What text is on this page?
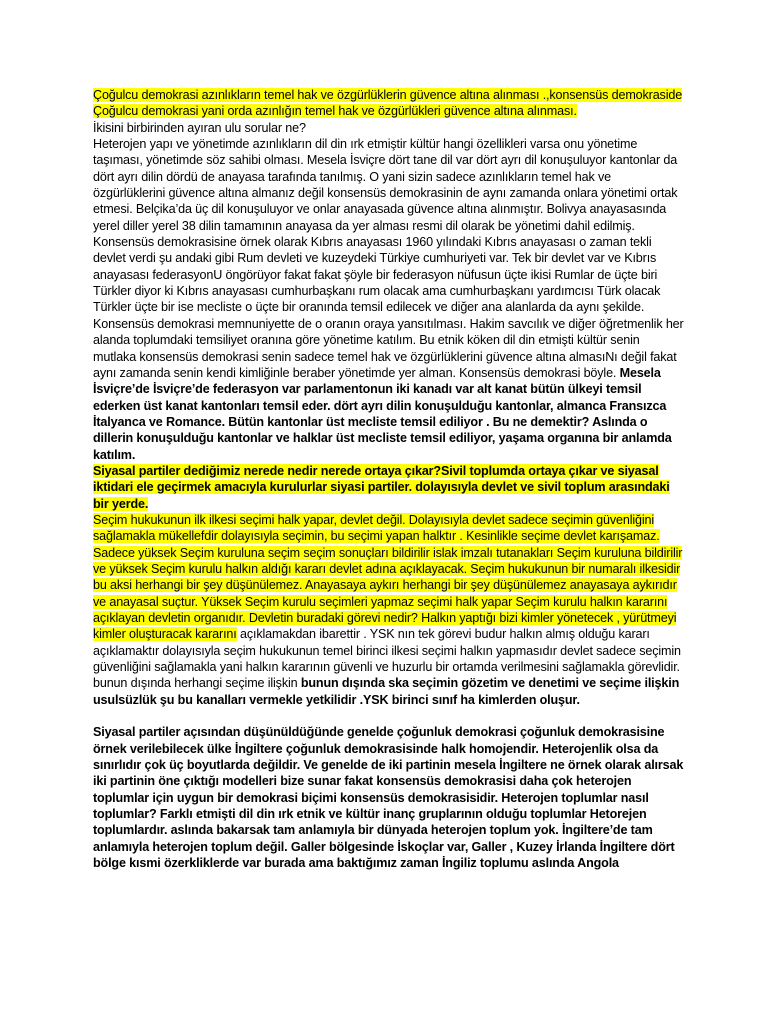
Çoğulcu demokrasi azınlıkların temel hak ve özgürlüklerin güvence altına alınması .,konsensüs demokraside Çoğulcu demokrasi yani orda azınlığın temel hak ve özgürlükleri güvence altına alınması.

İkisini birbirinden ayıran ulu sorular ne?

Heterojen yapı ve yönetimde azınlıkların dil din ırk etmiştir kültür hangi özellikleri varsa onu yönetime taşıması, yönetimde söz sahibi olması. Mesela İsviçre dört tane dil var dört ayrı dil konuşuluyor kantonlar da dört ayrı dilin dördü de anayasa tarafında tanılmış. O yani sizin sadece azınlıkların temel hak ve özgürlüklerini güvence altına almanız değil konsensüs demokrasinin de aynı zamanda onlara yönetimi ortak etmesi. Belçika’da üç dil konuşuluyor ve onlar anayasada güvence altına alınmıştır. Bolivya anayasasında yerel diller yerel 38 dilin tamamının anayasa da yer alması resmi dil olarak be yönetimi dahil edilmiş.

Konsensüs demokrasisine örnek olarak Kıbrıs anayasası 1960 yılındaki Kıbrıs anayasası o zaman tekli devlet verdi şu andaki gibi Rum devleti ve kuzeydeki Türkiye cumhuriyeti var. Tek bir devlet var ve Kıbrıs anayasası federasyonU öngörüyor fakat fakat şöyle bir federasyon nüfusun üçte ikisi Rumlar de üçte biri Türkler diyor ki Kıbrıs anayasası cumhurbaşkanı rum olacak ama cumhurbaşkanı yardımcısı Türk olacak Türkler üçte bir ise mecliste o üçte bir oranında temsil edilecek ve diğer ana alanlarda da aynı şekilde. Konsensüs demokrasi memnuniyette de o oranın oraya yansıtılması. Hakim savcılık ve diğer öğretmenlik her alanda toplumdaki temsiliyet oranına göre yönetime katılım. Bu etnik köken dil din etmişti kültür senin mutlaka konsensüs demokrasi senin sadece temel hak ve özgürlüklerini güvence altına almasıNı değil fakat aynı zamanda senin kendi kimliğinle beraber yönetimde yer alman. Konsensüs demokrasi böyle. Mesela İsviçre’de İsviçre’de federasyon var parlamentonun iki kanadı var alt kanat bütün ülkeyi temsil ederken üst kanat kantonları temsil eder. dört ayrı dilin konuşulduğu kantonlar, almanca Fransızca İtalyanca ve Romance. Bütün kantonlar üst mecliste temsil ediliyor . Bu ne demektir? Aslında o dillerin konuşulduğu kantonlar ve halklar üst mecliste temsil ediliyor, yaşama organına bir anlamda katılım.

Siyasal partiler dediğimiz nerede nedir nerede ortaya çıkar?Sivil toplumda ortaya çıkar ve siyasal iktidari ele geçirmek amacıyla kurulurlar siyasi partiler. dolayısıyla devlet ve sivil toplum arasındaki bir yerde.

Seçim hukukunun ilk ilkesi seçimi halk yapar, devlet değil. Dolayısıyla devlet sadece seçimin güvenliğini sağlamakla mükellefdir dolayısıyla seçimin, bu seçimi yapan halktır . Kesinlikle seçime devlet karışamaz. Sadece yüksek Seçim kuruluna seçim seçim sonuçları bildirilir islak imzalı tutanakları Seçim kuruluna bildirilir ve yüksek Seçim kurulu halkın aldığı kararı devlet adına açıklayacak. Seçim hukukunun bir numaralı ilkesidir bu aksi herhangi bir şey düşünülemez. Anayasaya aykırı herhangi bir şey düşünülemez anayasaya aykırıdır ve anayasal suçtur. Yüksek Seçim kurulu seçimleri yapmaz seçimi halk yapar Seçim kurulu halkın kararını açıklayan devletin organıdır. Devletin buradaki görevi nedir? Halkın yaptığı bizi kimler yönetecek , yürütmeyi kimler oluşturacak kararını açıklamakdan ibarettir . YSK nın tek görevi budur halkın almış olduğu kararı açıklamaktır dolayısıyla seçim hukukunun temel birinci ilkesi seçimi halkın yapmasıdır devlet sadece seçimin güvenliğini sağlamakla yani halkın kararının güvenli ve huzurlu bir ortamda verilmesini sağlamakla görevlidir. bunun dışında herhangi seçime ilişkin bunun dışında ska seçimin gözetim ve denetimi ve seçime ilişkin usulsüzlük şu bu kanalları vermekle yetkilidir .YSK birinci sınıf ha kimlerden oluşur.

Siyasal partiler açısından düşünüldüğünde genelde çoğunluk demokrasi çoğunluk demokrasisine örnek verilebilecek ülke İngiltere çoğunluk demokrasisinde halk homojendir. Heterojenlik olsa da sınırlıdır çok üç boyutlarda değildir. Ve genelde de iki partinin mesela İngiltere ne örnek olarak alırsak iki partinin öne çıktığı modelleri bize sunar fakat konsensüs demokrasisi daha çok heterojen toplumlar için uygun bir demokrasi biçimi konsensüs demokrasisidir. Heterojen toplumlar nasıl toplumlar? Farklı etmişti dil din ırk etnik ve kültür inanç gruplarının olduğu toplumlar Hetorejen toplumlardır. aslında bakarsak tam anlamıyla bir dünyada heterojen toplum yok. İngiltere’de tam anlamıyla heterojen toplum değil. Galler bölgesinde İskoçlar var, Galler , Kuzey İrlanda İngiltere dört bölge kısmi özerkliklerde var burada ama baktığımız zaman İngiliz toplumu aslında Angola
